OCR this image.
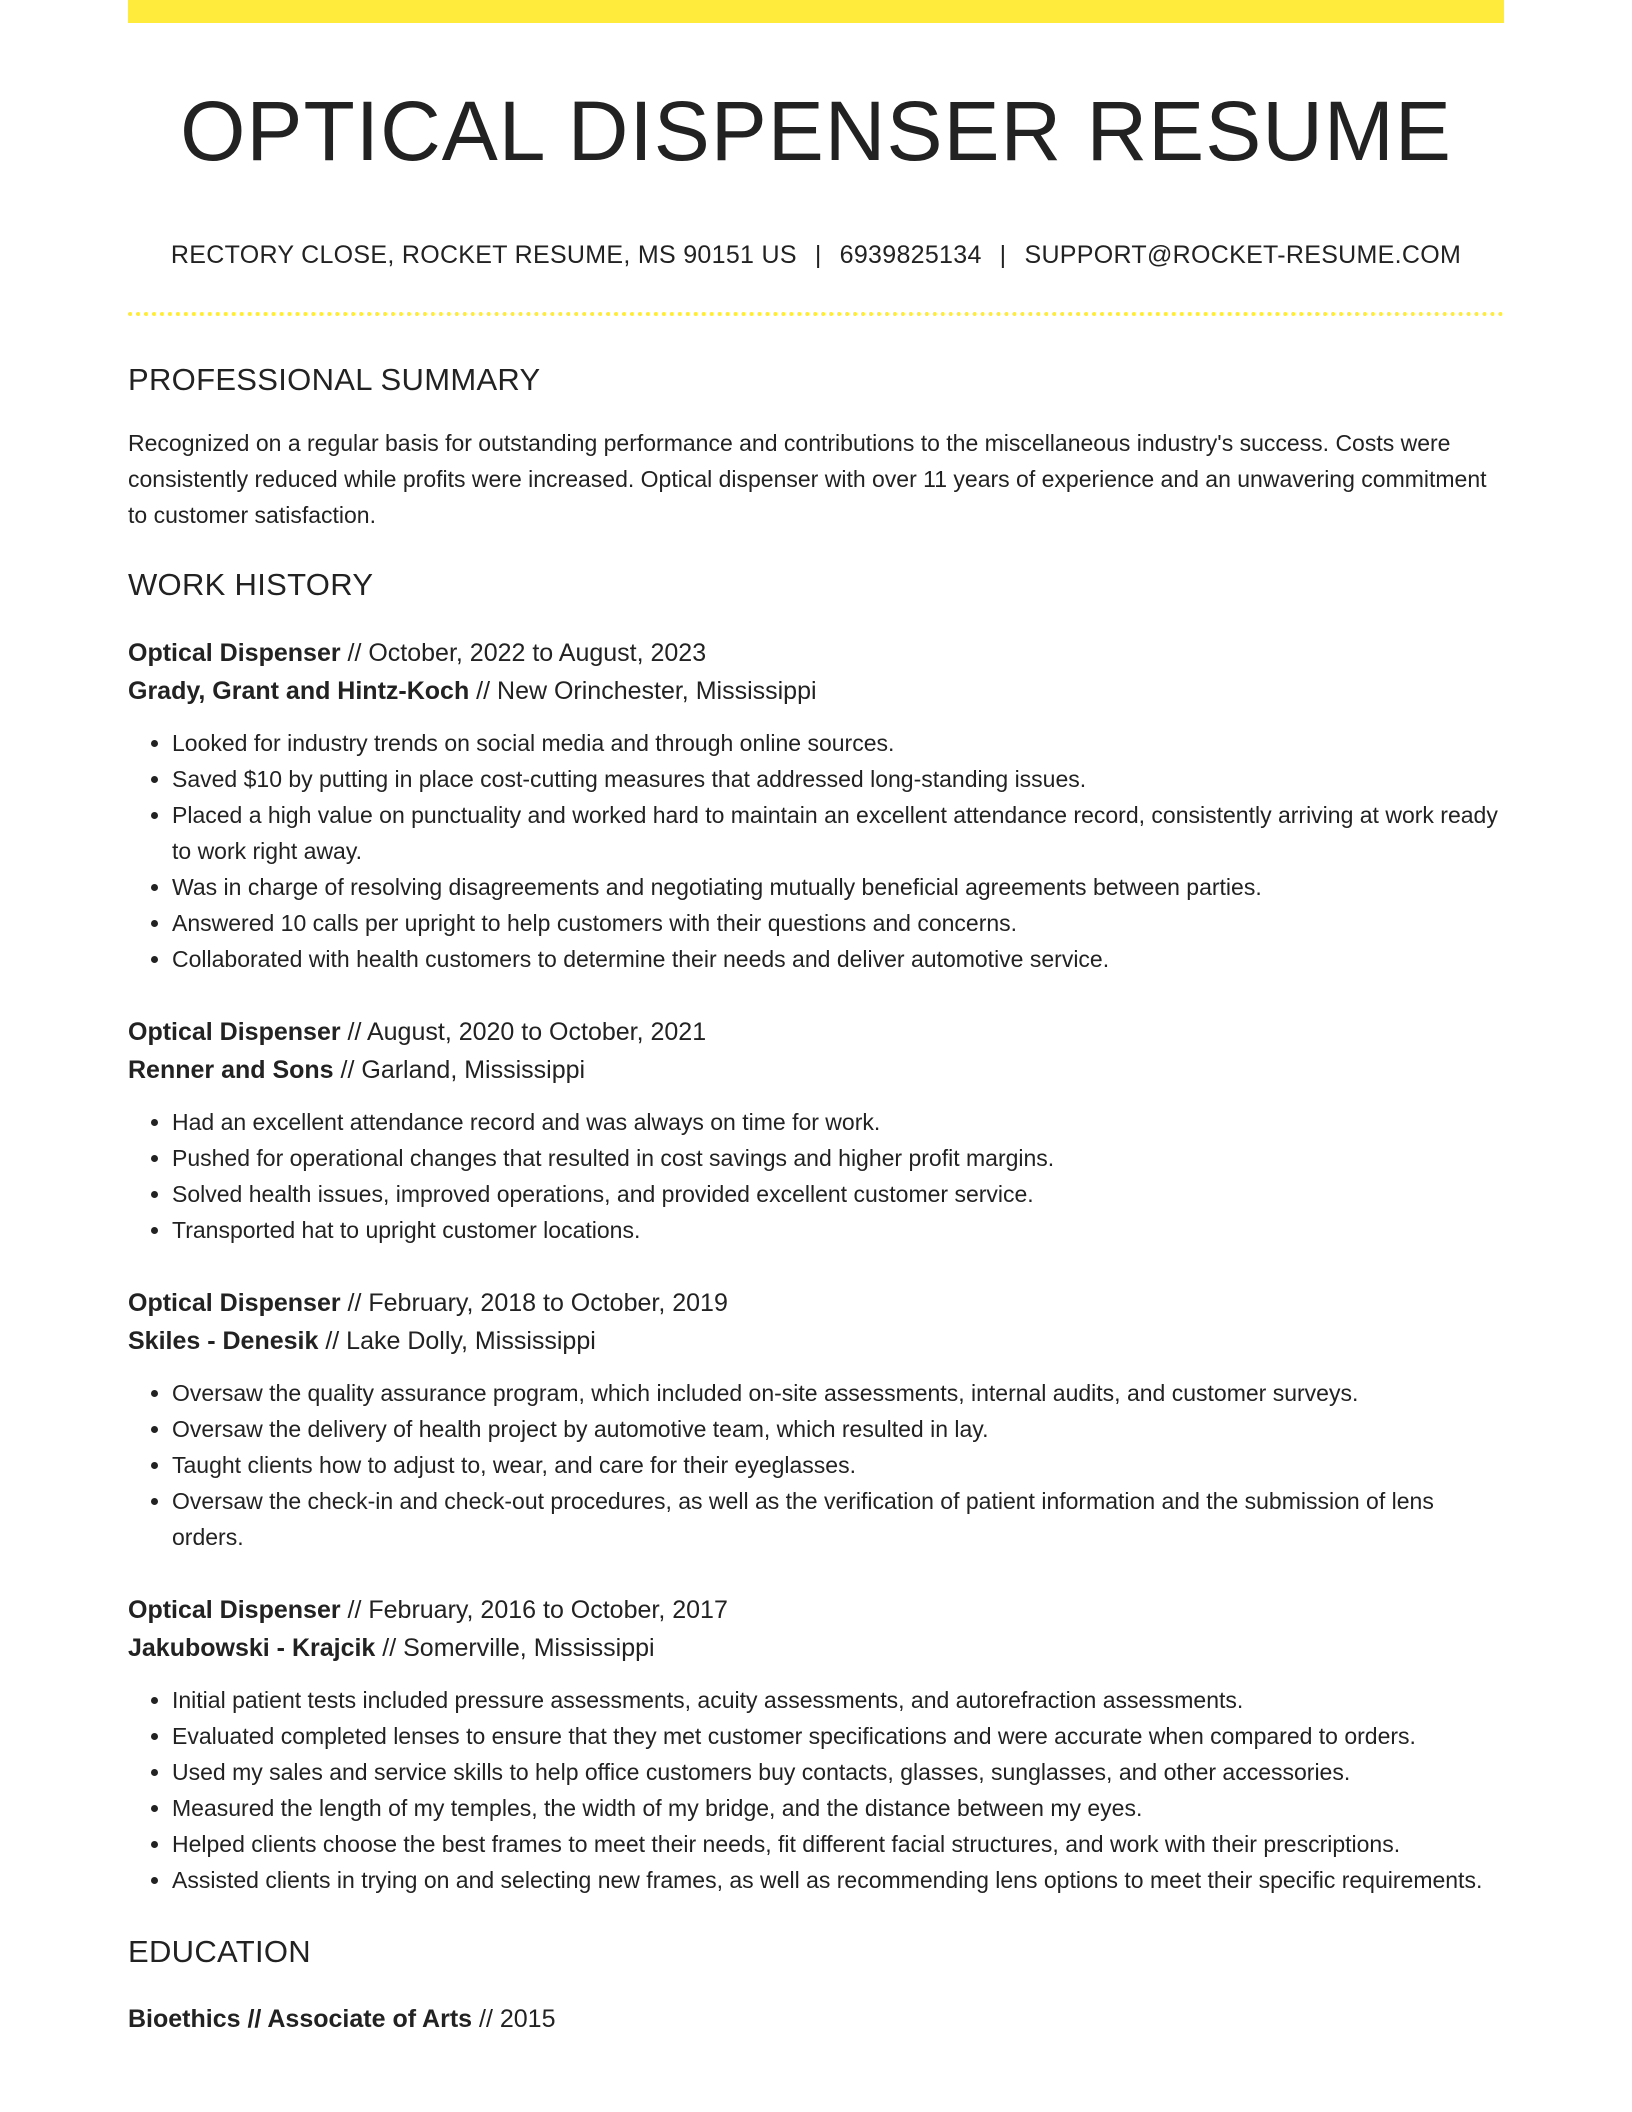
OPTICAL DISPENSER RESUME
RECTORY CLOSE, ROCKET RESUME, MS 90151 US | 6939825134 | SUPPORT@ROCKET-RESUME.COM
PROFESSIONAL SUMMARY
Recognized on a regular basis for outstanding performance and contributions to the miscellaneous industry's success. Costs were consistently reduced while profits were increased. Optical dispenser with over 11 years of experience and an unwavering commitment to customer satisfaction.
WORK HISTORY
Optical Dispenser // October, 2022 to August, 2023
Grady, Grant and Hintz-Koch // New Orinchester, Mississippi
• Looked for industry trends on social media and through online sources.
• Saved $10 by putting in place cost-cutting measures that addressed long-standing issues.
• Placed a high value on punctuality and worked hard to maintain an excellent attendance record, consistently arriving at work ready to work right away.
• Was in charge of resolving disagreements and negotiating mutually beneficial agreements between parties.
• Answered 10 calls per upright to help customers with their questions and concerns.
• Collaborated with health customers to determine their needs and deliver automotive service.
Optical Dispenser // August, 2020 to October, 2021
Renner and Sons // Garland, Mississippi
• Had an excellent attendance record and was always on time for work.
• Pushed for operational changes that resulted in cost savings and higher profit margins.
• Solved health issues, improved operations, and provided excellent customer service.
• Transported hat to upright customer locations.
Optical Dispenser // February, 2018 to October, 2019
Skiles - Denesik // Lake Dolly, Mississippi
• Oversaw the quality assurance program, which included on-site assessments, internal audits, and customer surveys.
• Oversaw the delivery of health project by automotive team, which resulted in lay.
• Taught clients how to adjust to, wear, and care for their eyeglasses.
• Oversaw the check-in and check-out procedures, as well as the verification of patient information and the submission of lens orders.
Optical Dispenser // February, 2016 to October, 2017
Jakubowski - Krajcik // Somerville, Mississippi
• Initial patient tests included pressure assessments, acuity assessments, and autorefraction assessments.
• Evaluated completed lenses to ensure that they met customer specifications and were accurate when compared to orders.
• Used my sales and service skills to help office customers buy contacts, glasses, sunglasses, and other accessories.
• Measured the length of my temples, the width of my bridge, and the distance between my eyes.
• Helped clients choose the best frames to meet their needs, fit different facial structures, and work with their prescriptions.
• Assisted clients in trying on and selecting new frames, as well as recommending lens options to meet their specific requirements.
EDUCATION
Bioethics // Associate of Arts // 2015
